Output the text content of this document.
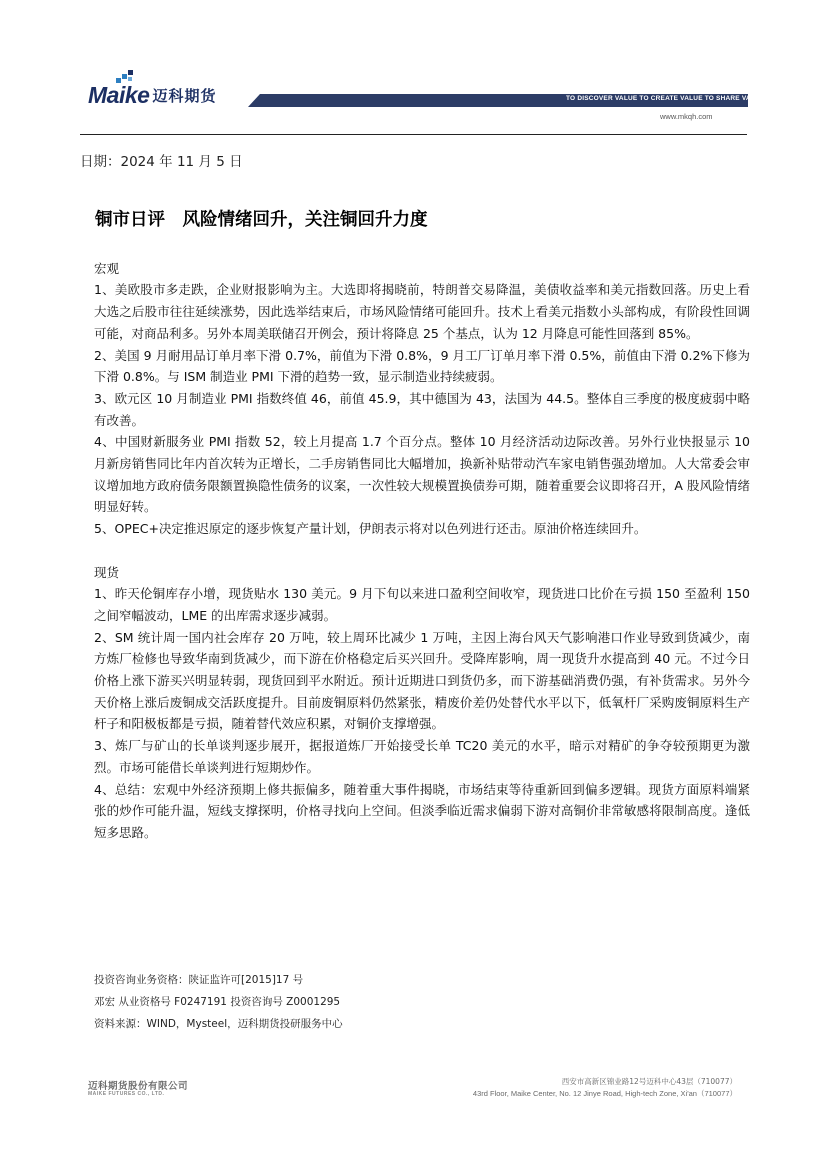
Maike 迈科期货	TO DISCOVER VALUE TO CREATE VALUE TO SHARE VALUE
www.mkqh.com
日期：2024 年 11 月 5 日
铜市日评　风险情绪回升，关注铜回升力度

宏观

1、美欧股市多走跌，企业财报影响为主。大选即将揭晓前，特朗普交易降温，美债收益率和美元指数回落。历史上看大选之后股市往往延续涨势，因此选举结束后，市场风险情绪可能回升。技术上看美元指数小头部构成，有阶段性回调可能，对商品利多。另外本周美联储召开例会，预计将降息 25 个基点，认为 12 月降息可能性回落到 85%。

2、美国 9 月耐用品订单月率下滑 0.7%，前值为下滑 0.8%，9 月工厂订单月率下滑 0.5%，前值由下滑 0.2%下修为下滑 0.8%。与 ISM 制造业 PMI 下滑的趋势一致，显示制造业持续疲弱。

3、欧元区 10 月制造业 PMI 指数终值 46，前值 45.9，其中德国为 43，法国为 44.5。整体自三季度的极度疲弱中略有改善。

4、中国财新服务业 PMI 指数 52，较上月提高 1.7 个百分点。整体 10 月经济活动边际改善。另外行业快报显示 10 月新房销售同比年内首次转为正增长，二手房销售同比大幅增加，换新补贴带动汽车家电销售强劲增加。人大常委会审议增加地方政府债务限额置换隐性债务的议案，一次性较大规模置换债券可期，随着重要会议即将召开，A 股风险情绪明显好转。

5、OPEC+决定推迟原定的逐步恢复产量计划，伊朗表示将对以色列进行还击。原油价格连续回升。

现货

1、昨天伦铜库存小增，现货贴水 130 美元。9 月下旬以来进口盈利空间收窄，现货进口比价在亏损 150 至盈利 150 之间窄幅波动，LME 的出库需求逐步减弱。

2、SM 统计周一国内社会库存 20 万吨，较上周环比减少 1 万吨，主因上海台风天气影响港口作业导致到货减少，南方炼厂检修也导致华南到货减少，而下游在价格稳定后买兴回升。受降库影响，周一现货升水提高到 40 元。不过今日价格上涨下游买兴明显转弱，现货回到平水附近。预计近期进口到货仍多，而下游基础消费仍强，有补货需求。另外今天价格上涨后废铜成交活跃度提升。目前废铜原料仍然紧张，精废价差仍处替代水平以下，低氧杆厂采购废铜原料生产杆子和阳极板都是亏损，随着替代效应积累，对铜价支撑增强。

3、炼厂与矿山的长单谈判逐步展开，据报道炼厂开始接受长单 TC20 美元的水平，暗示对精矿的争夺较预期更为激烈。市场可能借长单谈判进行短期炒作。

4、总结：宏观中外经济预期上修共振偏多，随着重大事件揭晓，市场结束等待重新回到偏多逻辑。现货方面原料端紧张的炒作可能升温，短线支撑探明，价格寻找向上空间。但淡季临近需求偏弱下游对高铜价非常敏感将限制高度。逢低短多思路。

投资咨询业务资格：陕证监许可[2015]17 号
邓宏 从业资格号 F0247191 投资咨询号 Z0001295
资料来源：WIND，Mysteel，迈科期货投研服务中心
迈科期货股份有限公司
MAIKE FUTURES CO., LTD.
西安市高新区锦业路12号迈科中心43层（710077）
43rd Floor, Maike Center, No. 12 Jinye Road, High-tech Zone, Xi'an（710077）
